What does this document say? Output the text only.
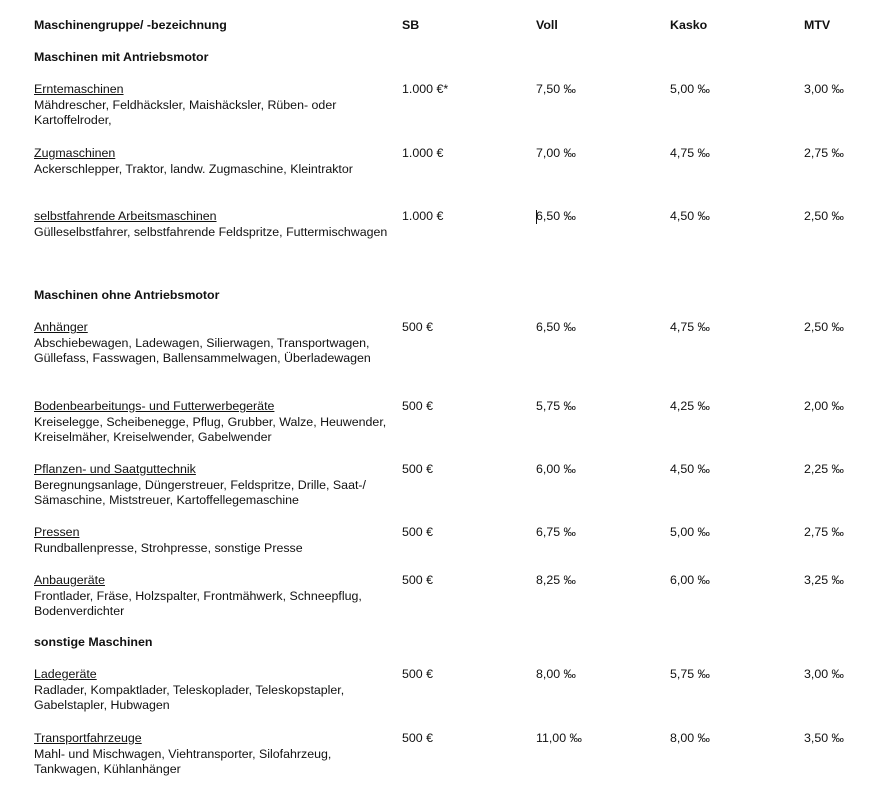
Maschinengruppe/ -bezeichnung	SB	Voll	Kasko	MTV
Maschinen mit Antriebsmotor
Erntemaschinen
Mähdrescher, Feldhäcksler, Maishäcksler, Rüben- oder Kartoffelroder,
1.000 €*	7,50 ‰	5,00 ‰	3,00 ‰
Zugmaschinen
Ackerschlepper, Traktor, landw. Zugmaschine, Kleintraktor
1.000 €	7,00 ‰	4,75 ‰	2,75 ‰
selbstfahrende Arbeitsmaschinen
Gülleselbstfahrer, selbstfahrende Feldspritze, Futtermischwagen
1.000 €	6,50 ‰	4,50 ‰	2,50 ‰
Maschinen ohne Antriebsmotor
Anhänger
Abschiebewagen, Ladewagen, Silierwagen, Transportwagen, Güllefass, Fasswagen, Ballensammelwagen, Überladewagen
500 €	6,50 ‰	4,75 ‰	2,50 ‰
Bodenbearbeitungs- und Futterwerbegeräte
Kreiselegge, Scheibenegge, Pflug, Grubber, Walze, Heuwender, Kreiselmäher, Kreiselwender, Gabelwender
500 €	5,75 ‰	4,25 ‰	2,00 ‰
Pflanzen- und Saatguttechnik
Beregnungsanlage, Düngerstreuer, Feldspritze, Drille, Saat-/ Sämaschine, Miststreuer, Kartoffellegemaschine
500 €	6,00 ‰	4,50 ‰	2,25 ‰
Pressen
Rundballenpresse, Strohpresse, sonstige Presse
500 €	6,75 ‰	5,00 ‰	2,75 ‰
Anbaugeräte
Frontlader, Fräse, Holzspalter, Frontmähwerk, Schneepflug, Bodenverdichter
500 €	8,25 ‰	6,00 ‰	3,25 ‰
sonstige Maschinen
Ladegeräte
Radlader, Kompaktlader, Teleskoplader, Teleskopstapler, Gabelstapler, Hubwagen
500 €	8,00 ‰	5,75 ‰	3,00 ‰
Transportfahrzeuge
Mahl- und Mischwagen, Viehtransporter, Silofahrzeug, Tankwagen, Kühlanhänger
500 €	11,00 ‰	8,00 ‰	3,50 ‰
